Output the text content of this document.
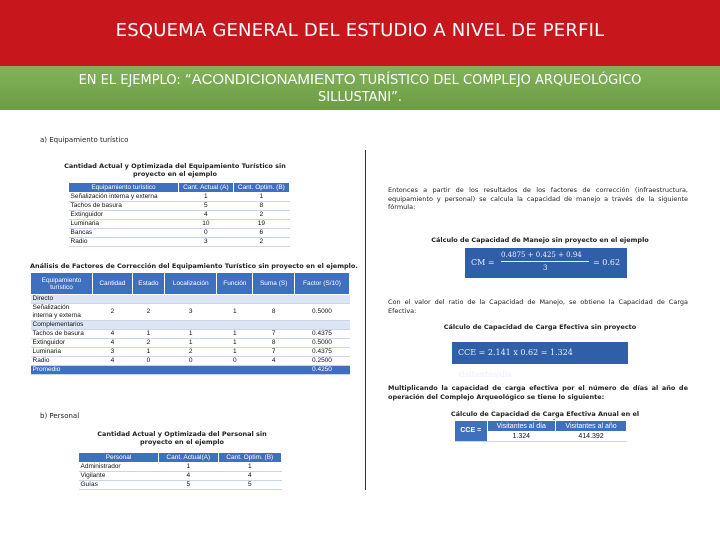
ESQUEMA GENERAL DEL ESTUDIO A NIVEL DE PERFIL
EN EL EJEMPLO: “ACONDICIONAMIENTO TURÍSTICO DEL COMPLEJO ARQUEOLÓGICO
SILLUSTANI”.
a) Equipamiento turístico
Cantidad Actual y Optimizada del Equipamiento Turístico sin proyecto en el ejemplo
Equipamiento turístico	Cant. Actual (A)	Cant. Optim. (B)
Señalización interna y externa	1	1
Tachos de basura	5	8
Extinguidor	4	2
Luminaria	10	19
Bancas	0	6
Radio	3	2
Análisis de Factores de Corrección del Equipamiento Turístico sin proyecto en el ejemplo.
Equipamiento turístico	Cantidad	Estado	Localización	Función	Suma (S)	Factor (S/10)
Directo						
Señalización interna y externa	2	2	3	1	8	0.5000
Complementarios						
Tachos de basura	4	1	1	1	7	0.4375
Extinguidor	4	2	1	1	8	0.5000
Luminaria	3	1	2	1	7	0.4375
Radio	4	0	0	0	4	0.2500
Promedio						0.4250
b) Personal
Cantidad Actual y Optimizada del Personal sin proyecto en el ejemplo
Personal	Cant. Actual(A)	Cant. Optim. (B)
Administrador	1	1
Vigilante	4	4
Guías	5	5
Entonces a partir de los resultados de los factores de corrección (infraestructura, equipamiento y personal) se calcula la capacidad de manejo a través de la siguiente fórmula:
Cálculo de Capacidad de Manejo sin proyecto en el ejemplo
CM =
0.4875 + 0.425 + 0.94
3
= 0.62
Con el valor del ratio de la Capacidad de Manejo, se obtiene la Capacidad de Carga Efectiva:
Cálculo de Capacidad de Carga Efectiva sin proyecto
CCE = 2.141 x 0.62 = 1.324 visitantes/día
Multiplicando la capacidad de carga efectiva por el número de días al año de operación del Complejo Arqueológico se tiene lo siguiente:
Cálculo de Capacidad de Carga Efectiva Anual en el
CCE =	Visitantes al día	Visitantes al año
	1.324	414.392
